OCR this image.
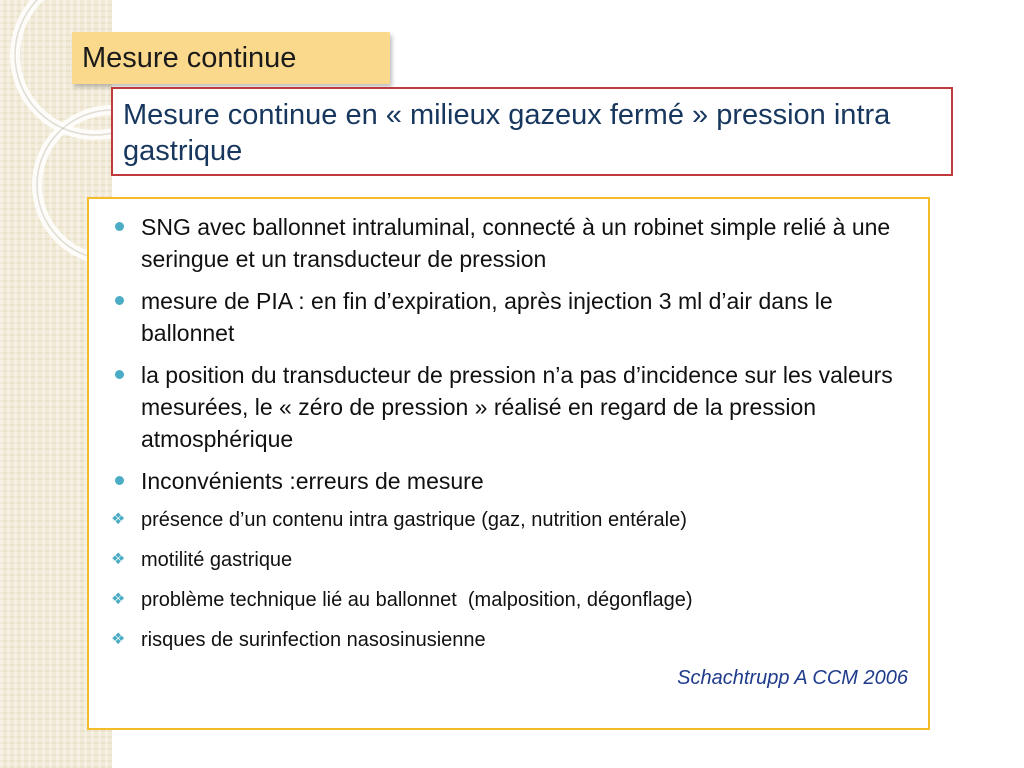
Mesure continue
Mesure continue en « milieux gazeux fermé » pression intra gastrique
SNG avec ballonnet intraluminal, connecté à un robinet simple relié à une seringue et un transducteur de pression
mesure de PIA : en fin d’expiration, après injection 3 ml d’air dans le ballonnet
la position du transducteur de pression n’a pas d’incidence sur les valeurs mesurées, le « zéro de pression » réalisé en regard de la pression atmosphérique
Inconvénients :erreurs de mesure
❖ présence d’un contenu intra gastrique (gaz, nutrition entérale)
❖ motilité gastrique
❖ problème technique lié au ballonnet  (malposition, dégonflage)
❖ risques de surinfection nasosinusienne
Schachtrupp A CCM 2006
